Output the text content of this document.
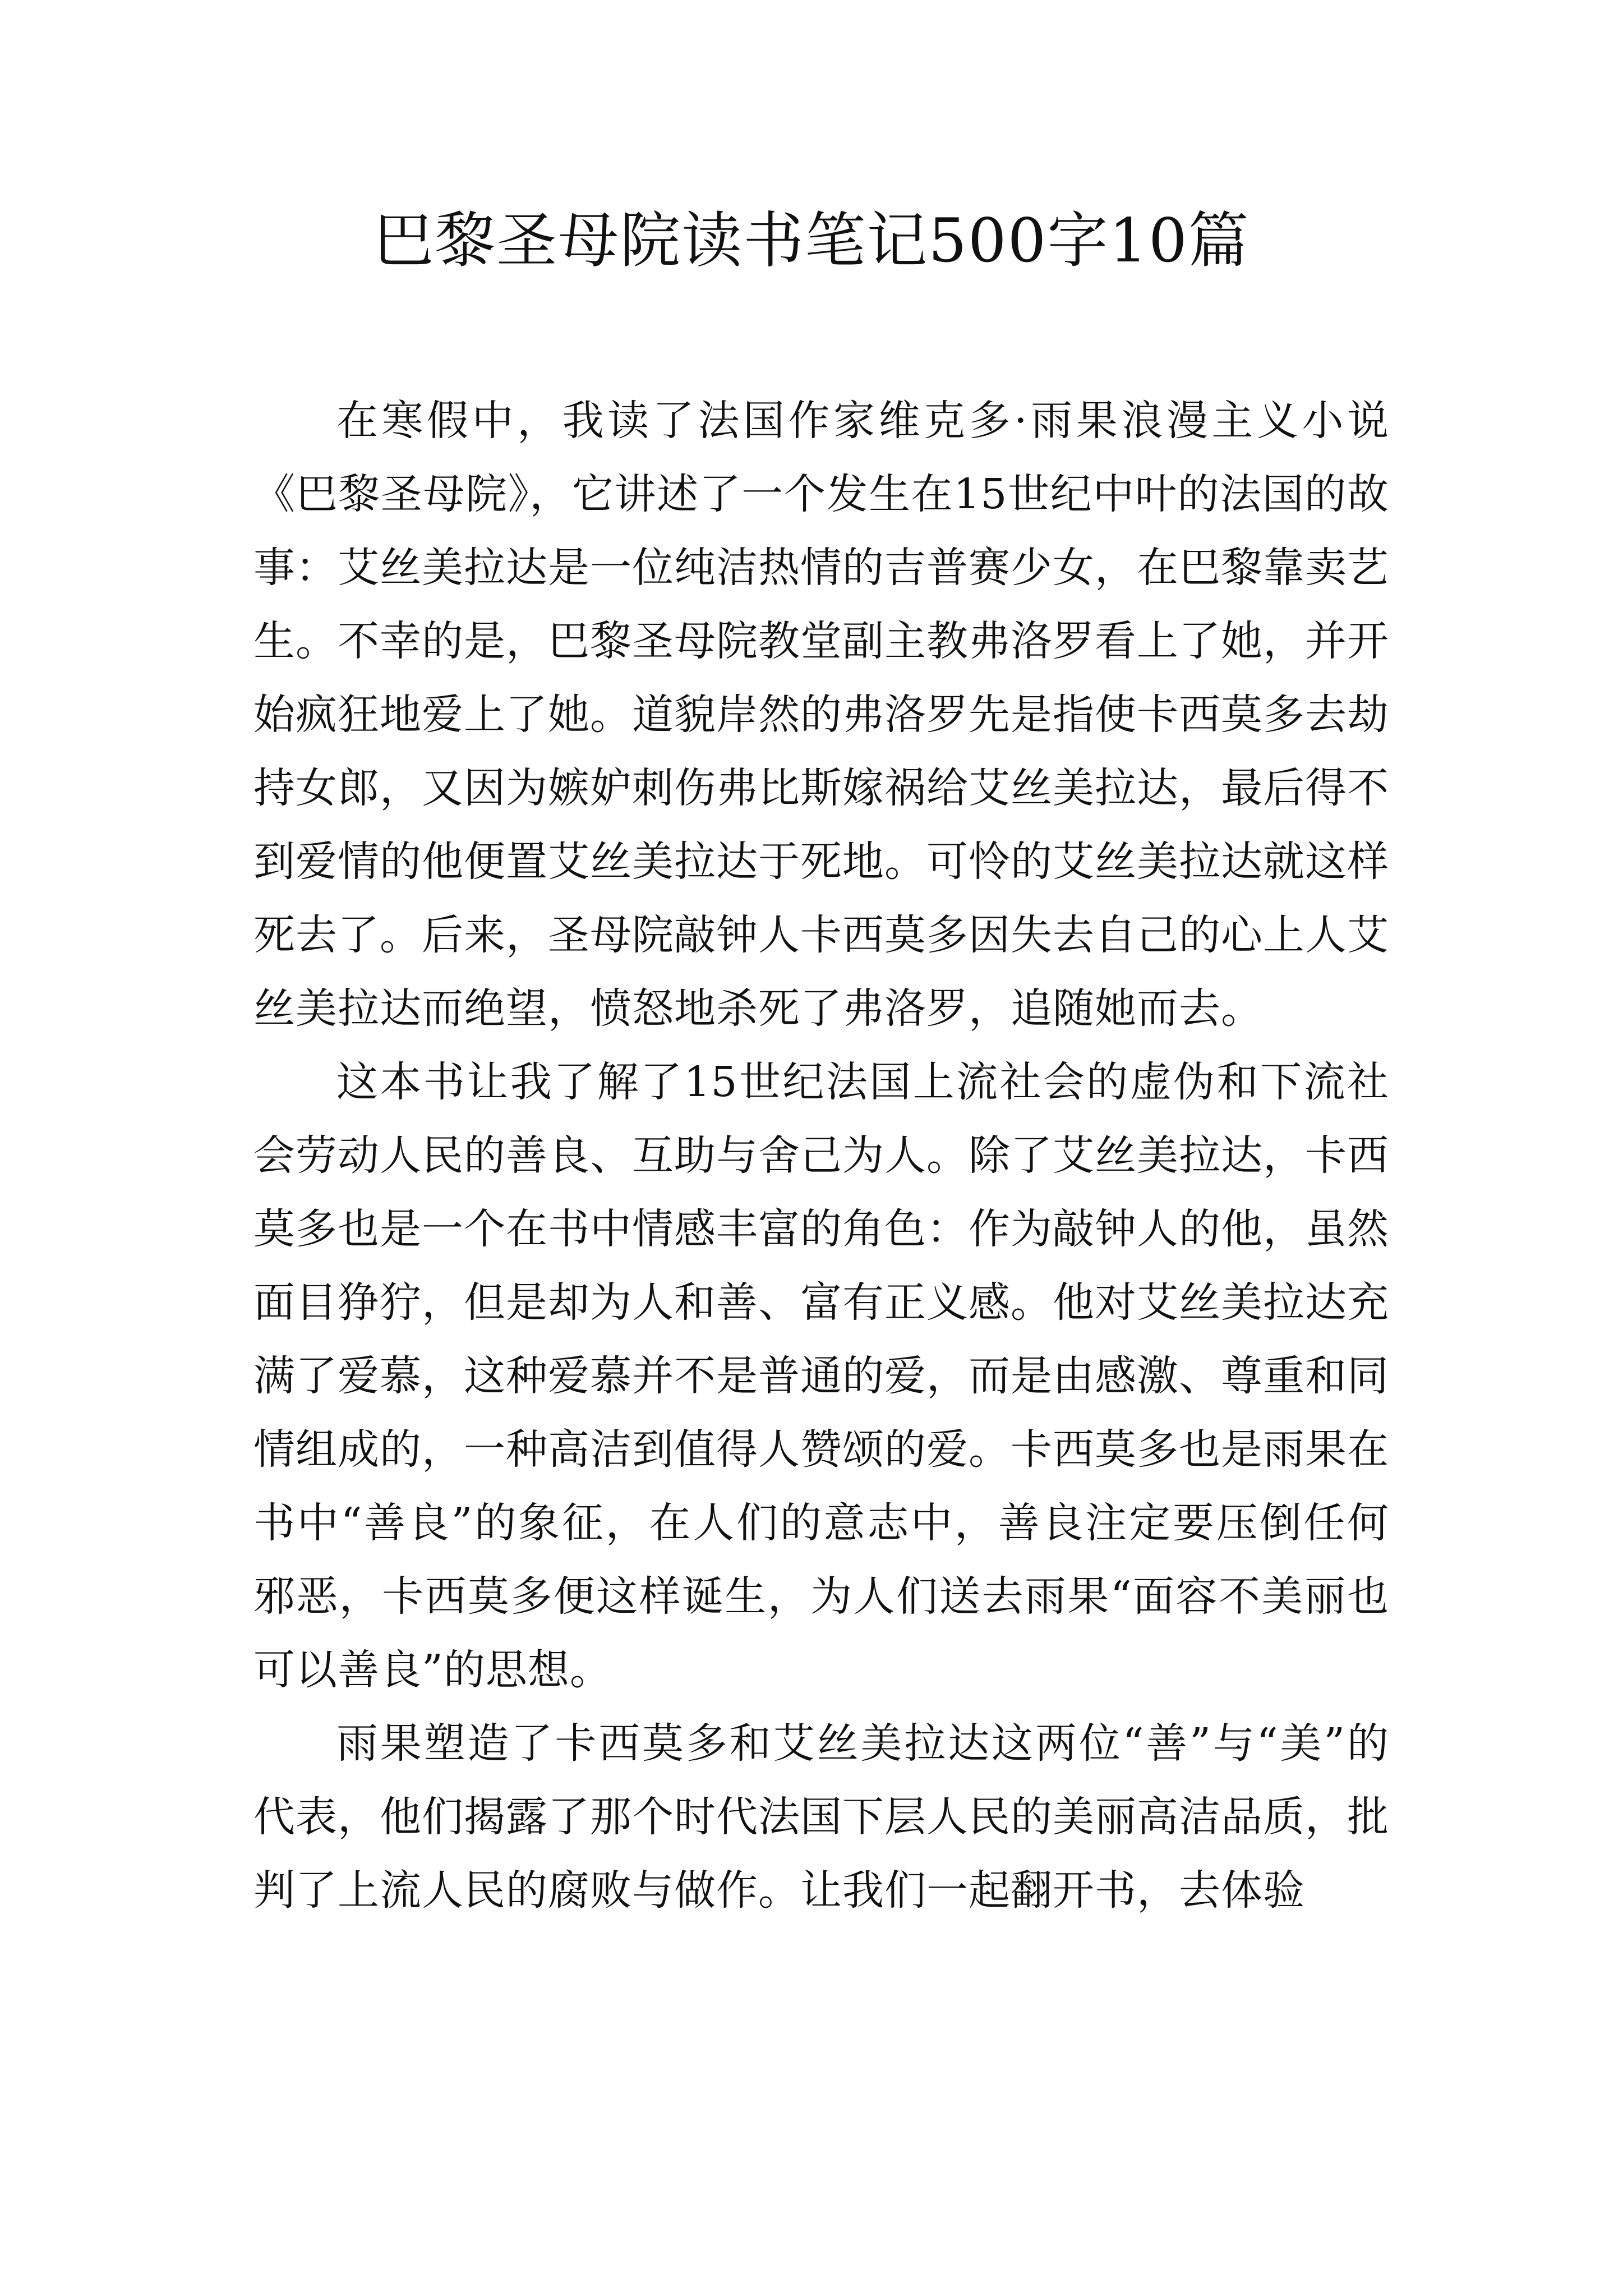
巴黎圣母院读书笔记500字10篇

在寒假中，我读了法国作家维克多·雨果浪漫主义小说《巴黎圣母院》，它讲述了一个发生在15世纪中叶的法国的故事：艾丝美拉达是一位纯洁热情的吉普赛少女，在巴黎靠卖艺生。不幸的是，巴黎圣母院教堂副主教弗洛罗看上了她，并开始疯狂地爱上了她。道貌岸然的弗洛罗先是指使卡西莫多去劫持女郎，又因为嫉妒刺伤弗比斯嫁祸给艾丝美拉达，最后得不到爱情的他便置艾丝美拉达于死地。可怜的艾丝美拉达就这样死去了。后来，圣母院敲钟人卡西莫多因失去自己的心上人艾丝美拉达而绝望，愤怒地杀死了弗洛罗，追随她而去。

这本书让我了解了15世纪法国上流社会的虚伪和下流社会劳动人民的善良、互助与舍己为人。除了艾丝美拉达，卡西莫多也是一个在书中情感丰富的角色：作为敲钟人的他，虽然面目狰狞，但是却为人和善、富有正义感。他对艾丝美拉达充满了爱慕，这种爱慕并不是普通的爱，而是由感激、尊重和同情组成的，一种高洁到值得人赞颂的爱。卡西莫多也是雨果在书中“善良”的象征，在人们的意志中，善良注定要压倒任何邪恶，卡西莫多便这样诞生，为人们送去雨果“面容不美丽也可以善良”的思想。

雨果塑造了卡西莫多和艾丝美拉达这两位“善”与“美”的代表，他们揭露了那个时代法国下层人民的美丽高洁品质，批判了上流人民的腐败与做作。让我们一起翻开书，去体验
